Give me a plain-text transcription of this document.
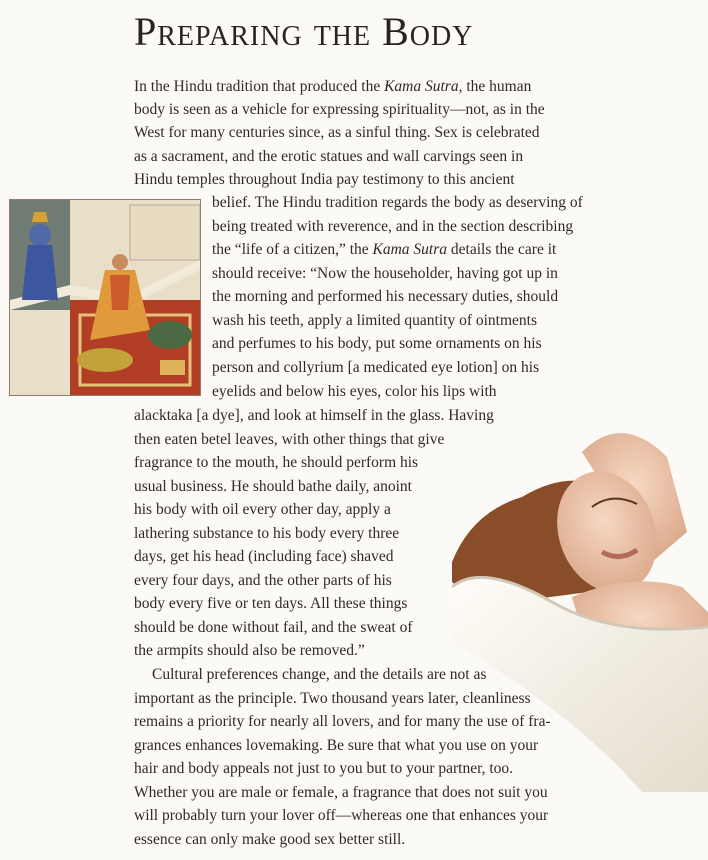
Preparing the Body
In the Hindu tradition that produced the Kama Sutra, the human
body is seen as a vehicle for expressing spirituality—not, as in the
West for many centuries since, as a sinful thing. Sex is celebrated
as a sacrament, and the erotic statues and wall carvings seen in
Hindu temples throughout India pay testimony to this ancient
belief. The Hindu tradition regards the body as deserving of
being treated with reverence, and in the section describing
the “life of a citizen,” the Kama Sutra details the care it
should receive: “Now the householder, having got up in
the morning and performed his necessary duties, should
wash his teeth, apply a limited quantity of ointments
and perfumes to his body, put some ornaments on his
person and collyrium [a medicated eye lotion] on his
eyelids and below his eyes, color his lips with
alacktaka [a dye], and look at himself in the glass. Having
then eaten betel leaves, with other things that give
fragrance to the mouth, he should perform his
usual business. He should bathe daily, anoint
his body with oil every other day, apply a
lathering substance to his body every three
days, get his head (including face) shaved
every four days, and the other parts of his
body every five or ten days. All these things
should be done without fail, and the sweat of
the armpits should also be removed.”
Cultural preferences change, and the details are not as
important as the principle. Two thousand years later, cleanliness
remains a priority for nearly all lovers, and for many the use of fra-
grances enhances lovemaking. Be sure that what you use on your
hair and body appeals not just to you but to your partner, too.
Whether you are male or female, a fragrance that does not suit you
will probably turn your lover off—whereas one that enhances your
essence can only make good sex better still.
